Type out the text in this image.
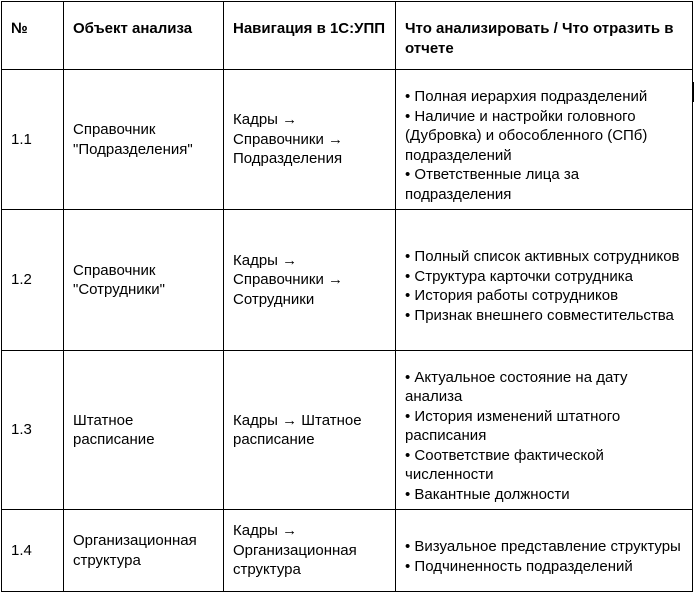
№	Объект анализа	Навигация в 1С:УПП	Что анализировать / Что отразить в отчете
1.1	Справочник "Подразделения"	Кадры → Справочники → Подразделения	• Полная иерархия подразделений
• Наличие и настройки головного (Дубровка) и обособленного (СПб) подразделений
• Ответственные лица за подразделения

1.2	Справочник "Сотрудники"	Кадры → Справочники → Сотрудники	• Полный список активных сотрудников
• Структура карточки сотрудника
• История работы сотрудников
• Признак внешнего совместительства

1.3	Штатное расписание	Кадры → Штатное расписание	• Актуальное состояние на дату анализа
• История изменений штатного расписания
• Соответствие фактической численности
• Вакантные должности

1.4	Организационная структура	Кадры → Организационная структура	• Визуальное представление структуры
• Подчиненность подразделений
